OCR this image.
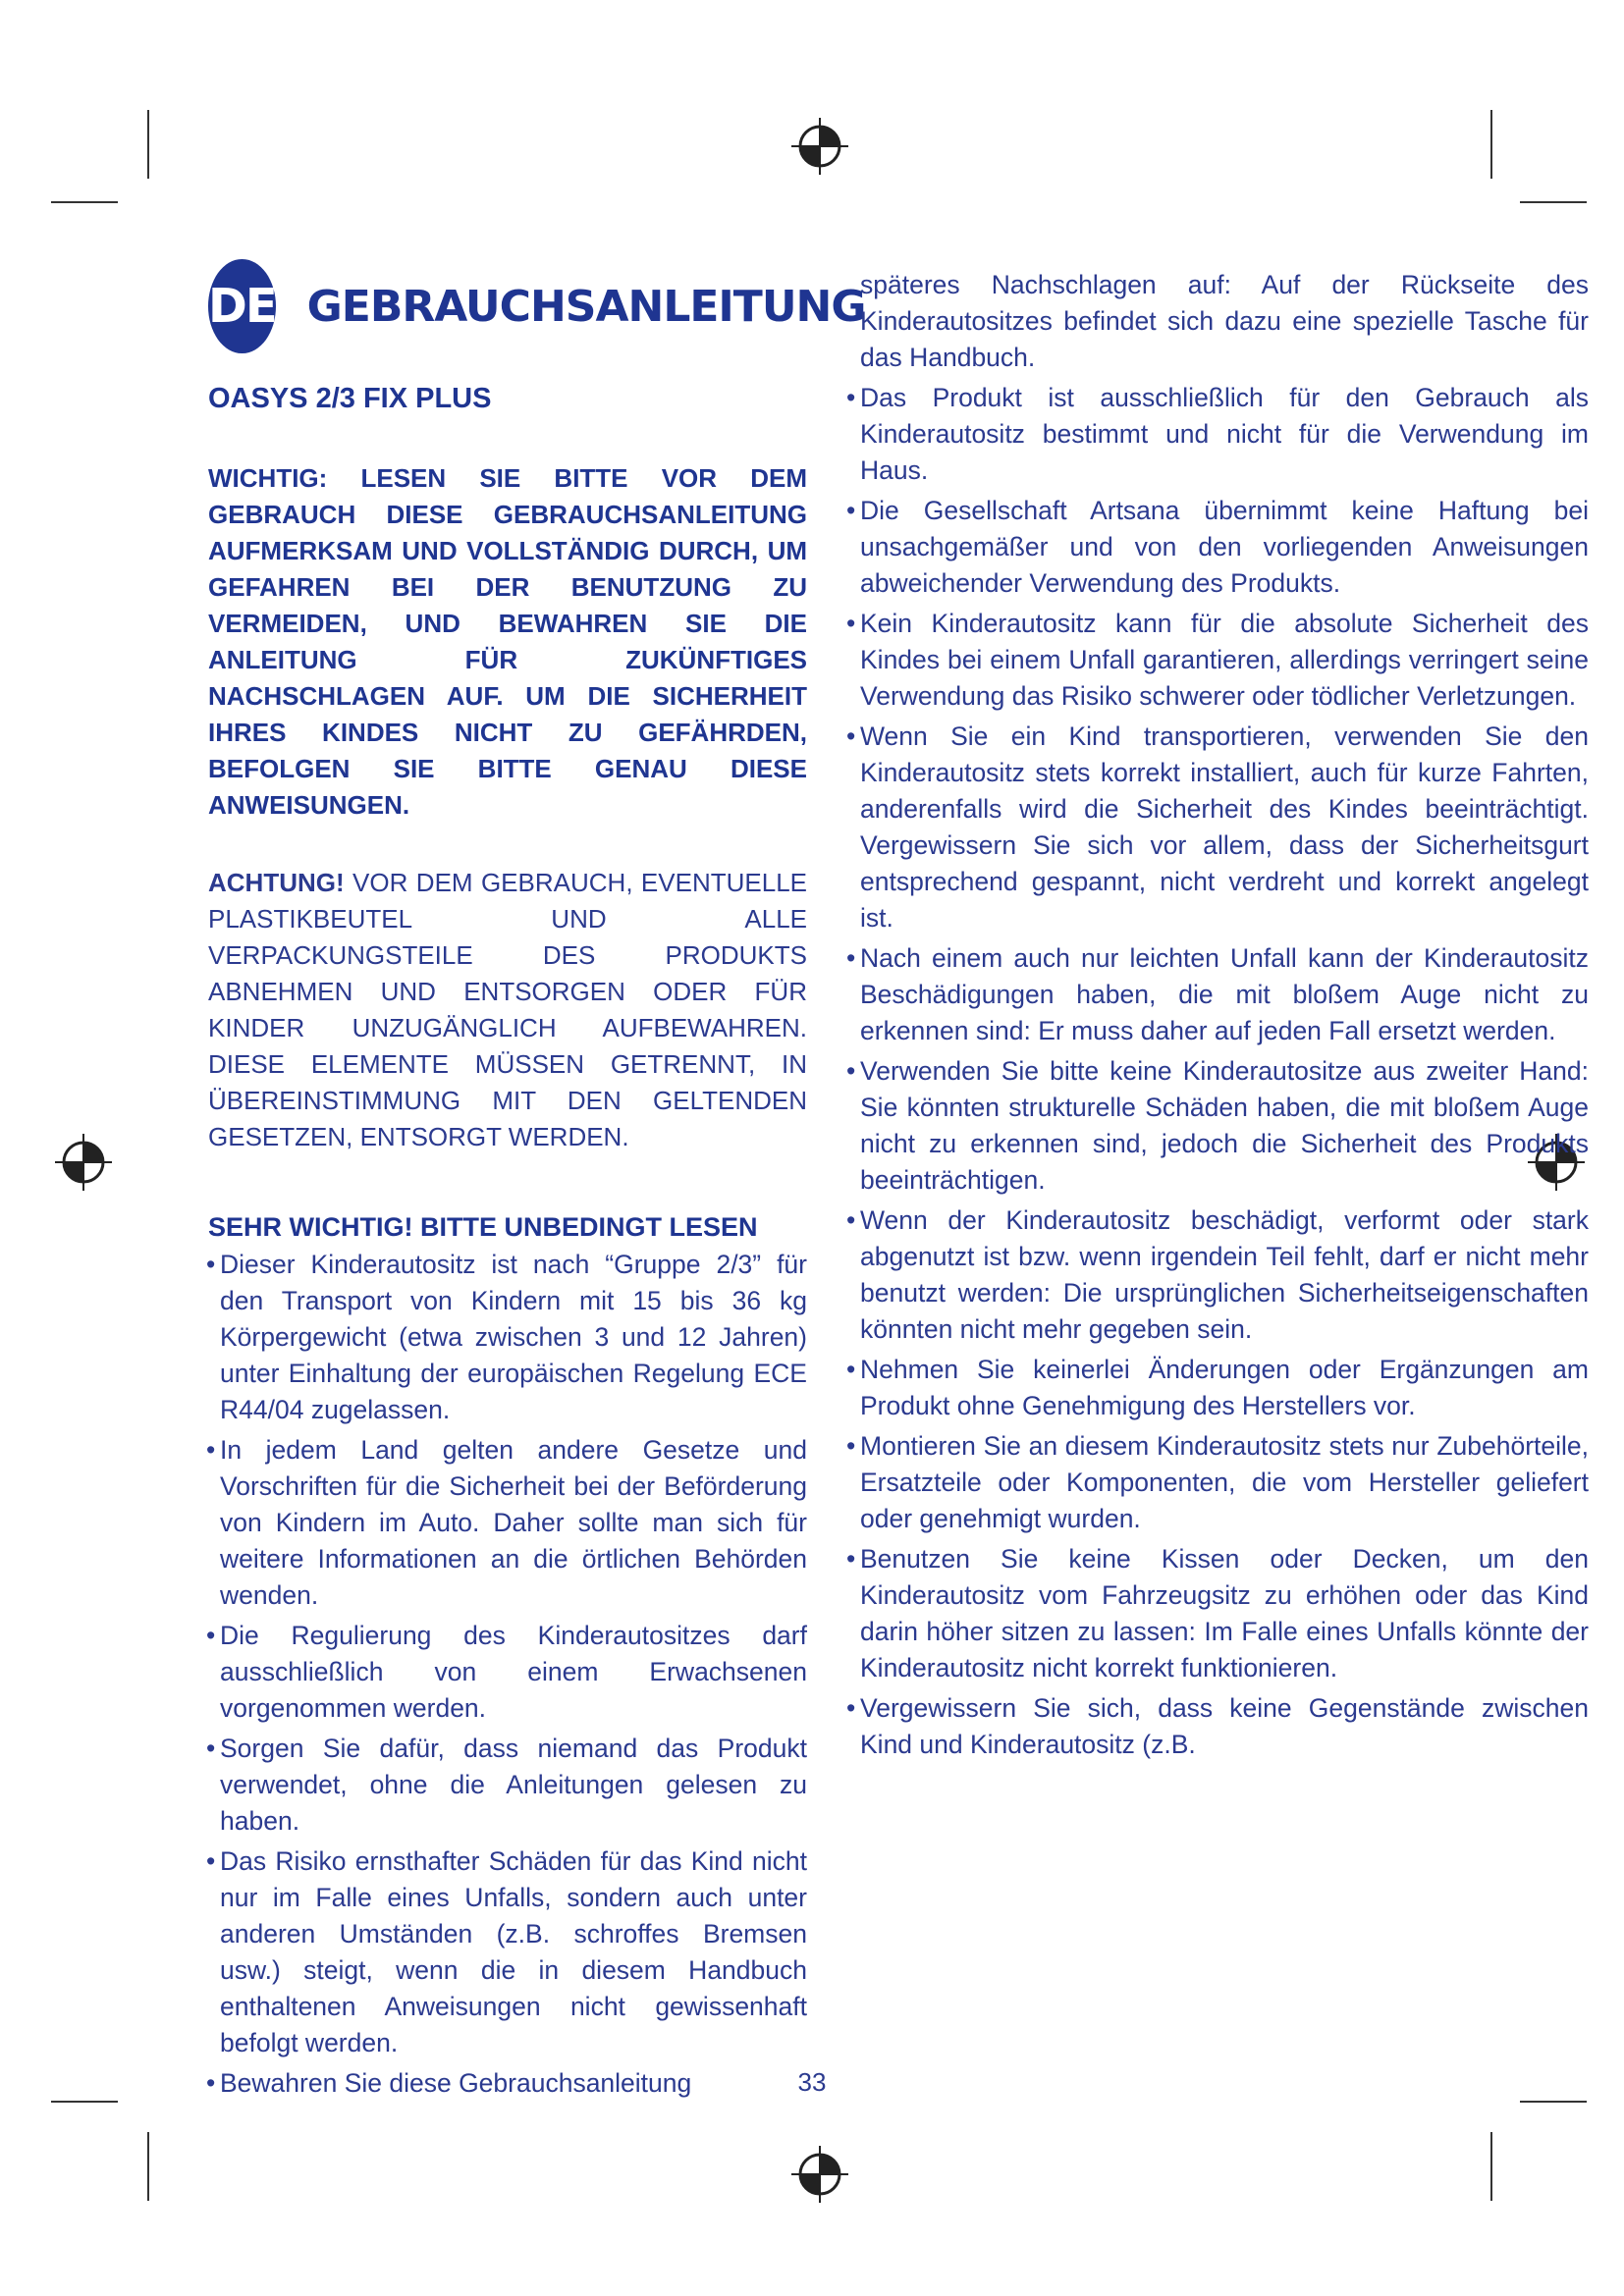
DE GEBRAUCHSANLEITUNG
OASYS 2/3 FIX PLUS
WICHTIG: LESEN SIE BITTE VOR DEM GEBRAUCH DIESE GEBRAUCHSANLEITUNG AUFMERKSAM UND VOLLSTÄNDIG DURCH, UM GEFAHREN BEI DER BENUTZUNG ZU VERMEIDEN, UND BEWAHREN SIE DIE ANLEITUNG FÜR ZUKÜNFTIGES NACHSCHLAGEN AUF. UM DIE SICHERHEIT IHRES KINDES NICHT ZU GEFÄHRDEN, BEFOLGEN SIE BITTE GENAU DIESE ANWEISUNGEN.
ACHTUNG! VOR DEM GEBRAUCH, EVENTUELLE PLASTIKBEUTEL UND ALLE VERPACKUNGSTEILE DES PRODUKTS ABNEHMEN UND ENTSORGEN ODER FÜR KINDER UNZUGÄNGLICH AUFBEWAHREN. DIESE ELEMENTE MÜSSEN GETRENNT, IN ÜBEREINSTIMMUNG MIT DEN GELTENDEN GESETZEN, ENTSORGT WERDEN.
SEHR WICHTIG! BITTE UNBEDINGT LESEN
• Dieser Kinderautositz ist nach “Gruppe 2/3” für den Transport von Kindern mit 15 bis 36 kg Körpergewicht (etwa zwischen 3 und 12 Jahren) unter Einhaltung der europäischen Regelung ECE R44/04 zugelassen.
• In jedem Land gelten andere Gesetze und Vorschriften für die Sicherheit bei der Beförderung von Kindern im Auto. Daher sollte man sich für weitere Informationen an die örtlichen Behörden wenden.
• Die Regulierung des Kinderautositzes darf ausschließlich von einem Erwachsenen vorgenommen werden.
• Sorgen Sie dafür, dass niemand das Produkt verwendet, ohne die Anleitungen gelesen zu haben.
• Das Risiko ernsthafter Schäden für das Kind nicht nur im Falle eines Unfalls, sondern auch unter anderen Umständen (z.B. schroffes Bremsen usw.) steigt, wenn die in diesem Handbuch enthaltenen Anweisungen nicht gewissenhaft befolgt werden.
• Bewahren Sie diese Gebrauchsanleitung
späteres Nachschlagen auf: Auf der Rückseite des Kinderautositzes befindet sich dazu eine spezielle Tasche für das Handbuch.
• Das Produkt ist ausschließlich für den Gebrauch als Kinderautositz bestimmt und nicht für die Verwendung im Haus.
• Die Gesellschaft Artsana übernimmt keine Haftung bei unsachgemäßer und von den vorliegenden Anweisungen abweichender Verwendung des Produkts.
• Kein Kinderautositz kann für die absolute Sicherheit des Kindes bei einem Unfall garantieren, allerdings verringert seine Verwendung das Risiko schwerer oder tödlicher Verletzungen.
• Wenn Sie ein Kind transportieren, verwenden Sie den Kinderautositz stets korrekt installiert, auch für kurze Fahrten, anderenfalls wird die Sicherheit des Kindes beeinträchtigt. Vergewissern Sie sich vor allem, dass der Sicherheitsgurt entsprechend gespannt, nicht verdreht und korrekt angelegt ist.
• Nach einem auch nur leichten Unfall kann der Kinderautositz Beschädigungen haben, die mit bloßem Auge nicht zu erkennen sind: Er muss daher auf jeden Fall ersetzt werden.
• Verwenden Sie bitte keine Kinderautositze aus zweiter Hand: Sie könnten strukturelle Schäden haben, die mit bloßem Auge nicht zu erkennen sind, jedoch die Sicherheit des Produkts beeinträchtigen.
• Wenn der Kinderautositz beschädigt, verformt oder stark abgenutzt ist bzw. wenn irgendein Teil fehlt, darf er nicht mehr benutzt werden: Die ursprünglichen Sicherheitseigenschaften könnten nicht mehr gegeben sein.
• Nehmen Sie keinerlei Änderungen oder Ergänzungen am Produkt ohne Genehmigung des Herstellers vor.
• Montieren Sie an diesem Kinderautositz stets nur Zubehörteile, Ersatzteile oder Komponenten, die vom Hersteller geliefert oder genehmigt wurden.
• Benutzen Sie keine Kissen oder Decken, um den Kinderautositz vom Fahrzeugsitz zu erhöhen oder das Kind darin höher sitzen zu lassen: Im Falle eines Unfalls könnte der Kinderautositz nicht korrekt funktionieren.
• Vergewissern Sie sich, dass keine Gegenstände zwischen Kind und Kinderautositz (z.B.
33
